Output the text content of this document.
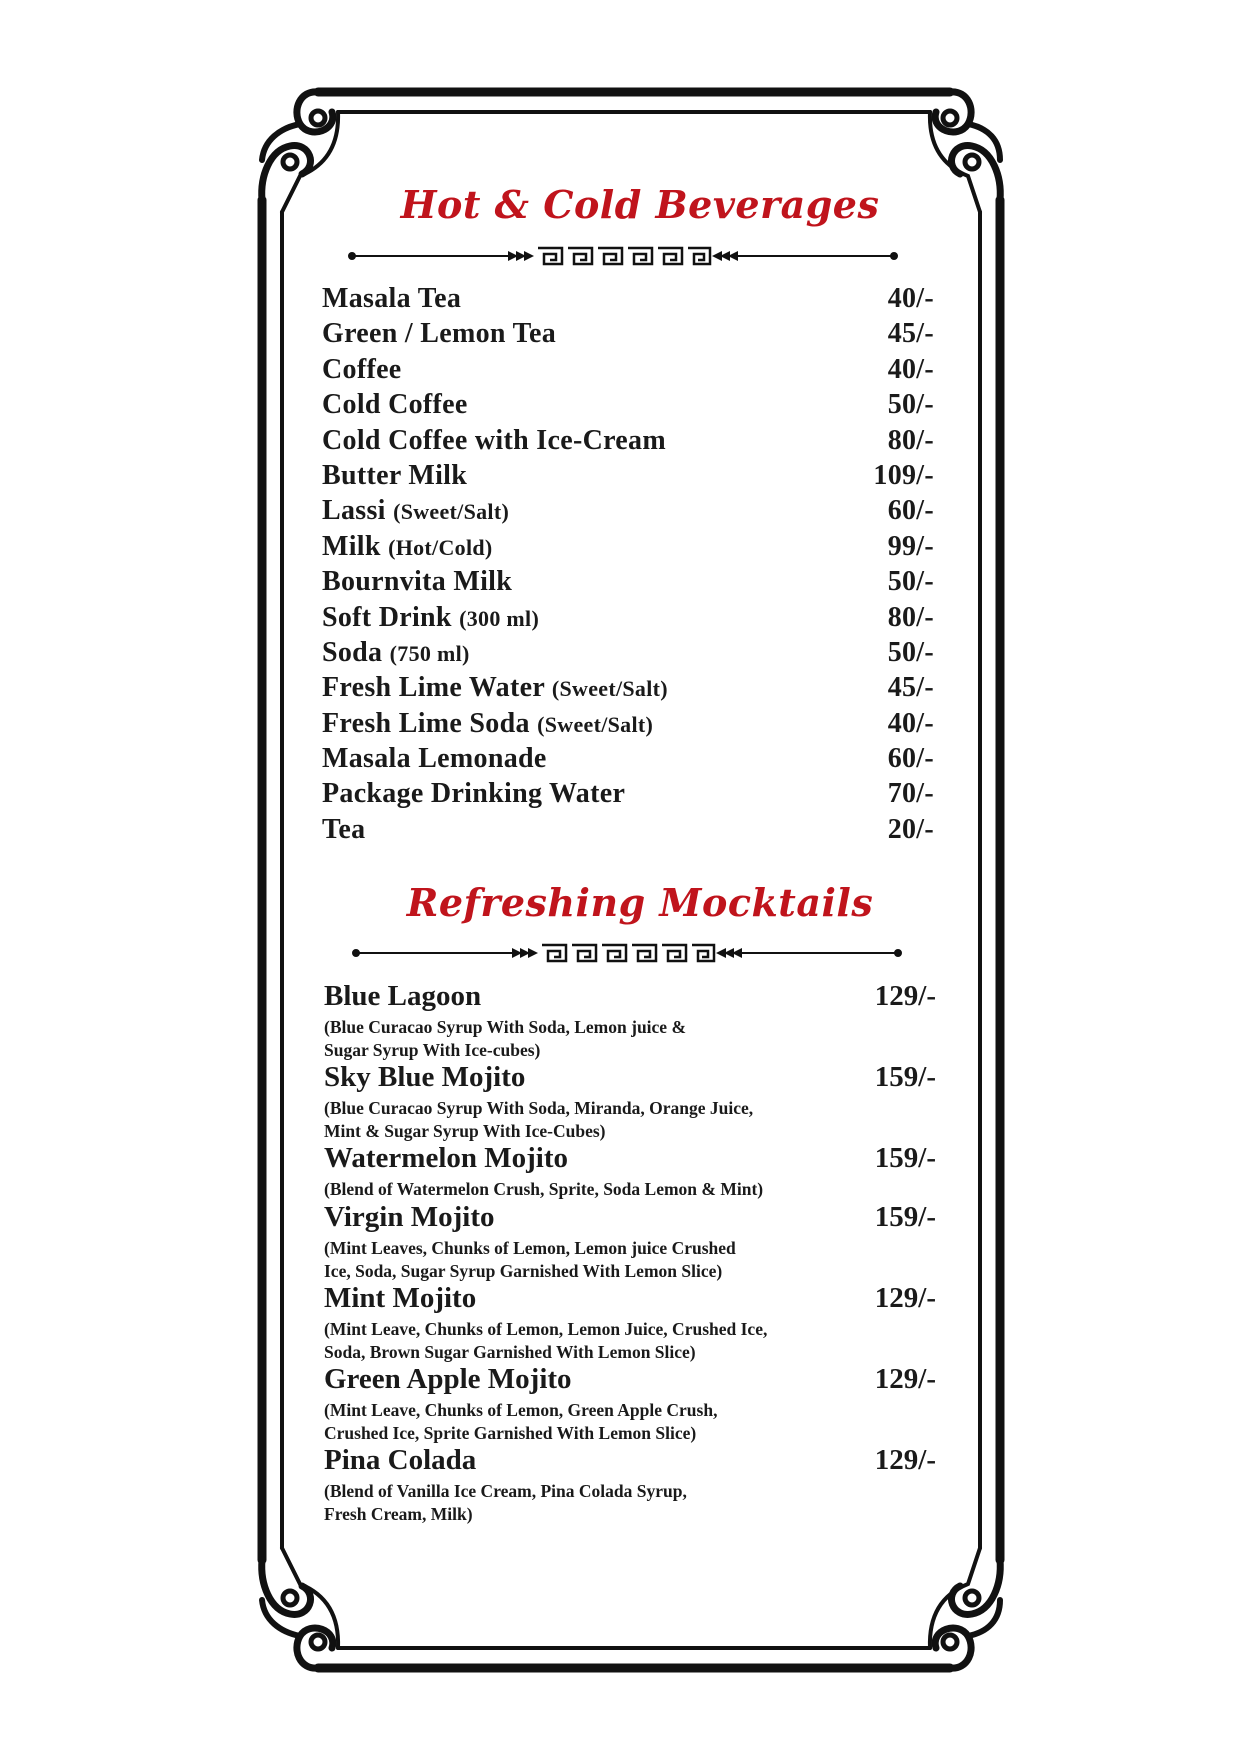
Hot & Cold Beverages
Masala Tea	40/-
Green / Lemon Tea	45/-
Coffee	40/-
Cold Coffee	50/-
Cold Coffee with Ice-Cream	80/-
Butter Milk	109/-
Lassi (Sweet/Salt)	60/-
Milk (Hot/Cold)	99/-
Bournvita Milk	50/-
Soft Drink (300 ml)	80/-
Soda (750 ml)	50/-
Fresh Lime Water (Sweet/Salt)	45/-
Fresh Lime Soda (Sweet/Salt)	40/-
Masala Lemonade	60/-
Package Drinking Water	70/-
Tea	20/-
Refreshing Mocktails
Blue Lagoon	129/-
(Blue Curacao Syrup With Soda, Lemon juice &
Sugar Syrup With Ice-cubes)
Sky Blue Mojito	159/-
(Blue Curacao Syrup With Soda, Miranda, Orange Juice,
Mint & Sugar Syrup With Ice-Cubes)
Watermelon Mojito	159/-
(Blend of Watermelon Crush, Sprite, Soda Lemon & Mint)
Virgin Mojito	159/-
(Mint Leaves, Chunks of Lemon, Lemon juice Crushed
Ice, Soda, Sugar Syrup Garnished With Lemon Slice)
Mint Mojito	129/-
(Mint Leave, Chunks of Lemon, Lemon Juice, Crushed Ice,
Soda, Brown Sugar Garnished With Lemon Slice)
Green Apple Mojito	129/-
(Mint Leave, Chunks of Lemon, Green Apple Crush,
Crushed Ice, Sprite Garnished With Lemon Slice)
Pina Colada	129/-
(Blend of Vanilla Ice Cream, Pina Colada Syrup,
Fresh Cream, Milk)
